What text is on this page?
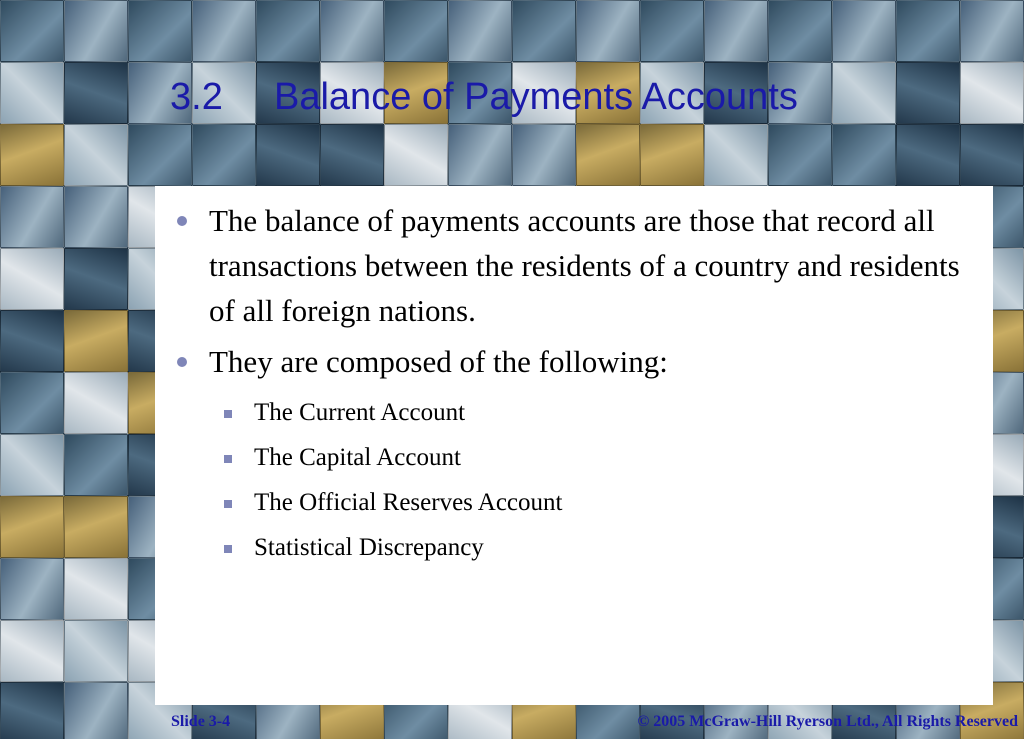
3.2 Balance of Payments Accounts
The balance of payments accounts are those that record all transactions between the residents of a country and residents of all foreign nations.
They are composed of the following:
The Current Account
The Capital Account
The Official Reserves Account
Statistical Discrepancy
Slide 3-4	© 2005 McGraw-Hill Ryerson Ltd., All Rights Reserved
